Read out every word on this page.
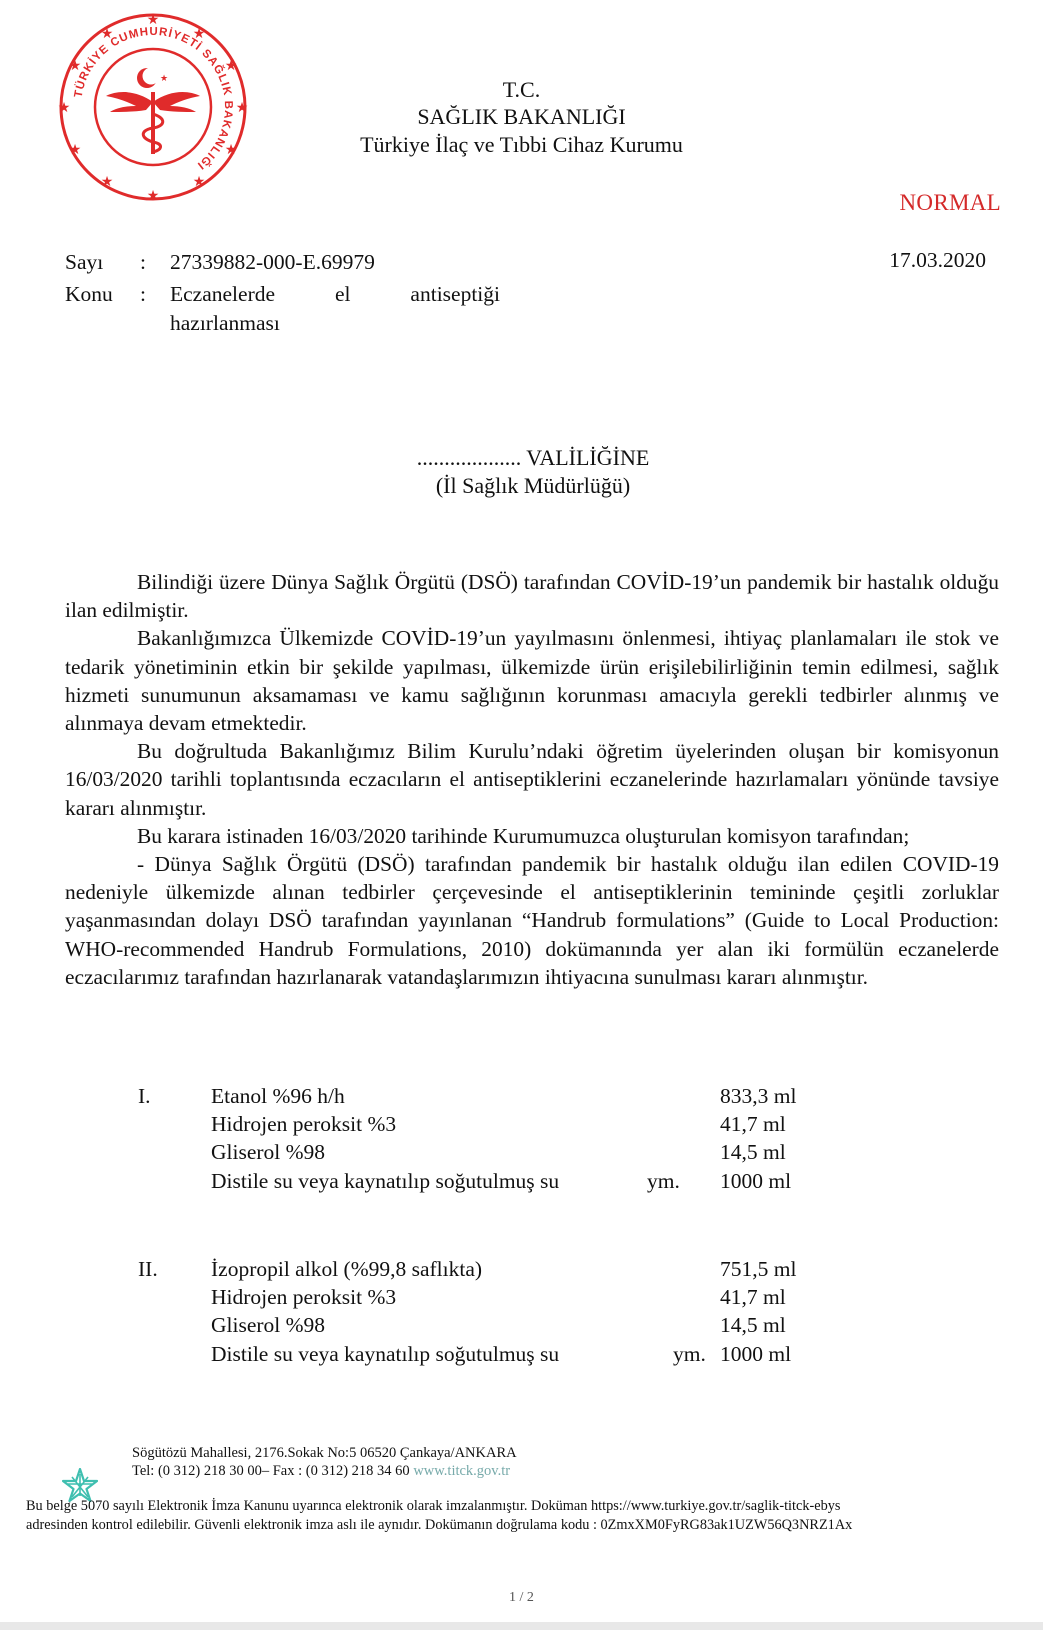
TÜRKİYE CUMHURİYETİ SAĞLIK BAKANLIĞI
★
★
★
★
★
★
★
★
★
★
★
★
★	T.C.
SAĞLIK BAKANLIĞI
Türkiye İlaç ve Tıbbi Cihaz Kurumu
NORMAL
Sayı : 27339882-000-E.69979	17.03.2020
Konu : Eczanelerde el antiseptiği
hazırlanması
................... VALİLİĞİNE
(İl Sağlık Müdürlüğü)

Bilindiği üzere Dünya Sağlık Örgütü (DSÖ) tarafından COVİD-19’un pandemik bir hastalık olduğu ilan edilmiştir.

Bakanlığımızca Ülkemizde COVİD-19’un yayılmasını önlenmesi, ihtiyaç planlamaları ile stok ve tedarik yönetiminin etkin bir şekilde yapılması, ülkemizde ürün erişilebilirliğinin temin edilmesi, sağlık hizmeti sunumunun aksamaması ve kamu sağlığının korunması amacıyla gerekli tedbirler alınmış ve alınmaya devam etmektedir.

Bu doğrultuda Bakanlığımız Bilim Kurulu’ndaki öğretim üyelerinden oluşan bir komisyonun 16/03/2020 tarihli toplantısında eczacıların el antiseptiklerini eczanelerinde hazırlamaları yönünde tavsiye kararı alınmıştır.

Bu karara istinaden 16/03/2020 tarihinde Kurumumuzca oluşturulan komisyon tarafından;

- Dünya Sağlık Örgütü (DSÖ) tarafından pandemik bir hastalık olduğu ilan edilen COVID-19 nedeniyle ülkemizde alınan tedbirler çerçevesinde el antiseptiklerinin temininde çeşitli zorluklar yaşanmasından dolayı DSÖ tarafından yayınlanan “Handrub formulations” (Guide to Local Production: WHO-recommended Handrub Formulations, 2010) dokümanında yer alan iki formülün eczanelerde eczacılarımız tarafından hazırlanarak vatandaşlarımızın ihtiyacına sunulması kararı alınmıştır.

I.	Etanol %96 h/h	833,3 ml
Hidrojen peroksit %3	41,7 ml
Gliserol %98	14,5 ml
Distile su veya kaynatılıp soğutulmuş su	ym. 1000 ml
II. İzopropil alkol (%99,8 saflıkta)	751,5 ml
Hidrojen peroksit %3	41,7 ml
Gliserol %98	14,5 ml
Distile su veya kaynatılıp soğutulmuş su	ym. 1000 ml
Sögütözü Mahallesi, 2176.Sokak No:5 06520 Çankaya/ANKARA
Tel: (0 312) 218 30 00– Fax : (0 312) 218 34 60 www.titck.gov.tr
Bu belge 5070 sayılı Elektronik İmza Kanunu uyarınca elektronik olarak imzalanmıştır. Doküman https://www.turkiye.gov.tr/saglik-titck-ebys
adresinden kontrol edilebilir. Güvenli elektronik imza aslı ile aynıdır. Dokümanın doğrulama kodu : 0ZmxXM0FyRG83ak1UZW56Q3NRZ1Ax
1 / 2
